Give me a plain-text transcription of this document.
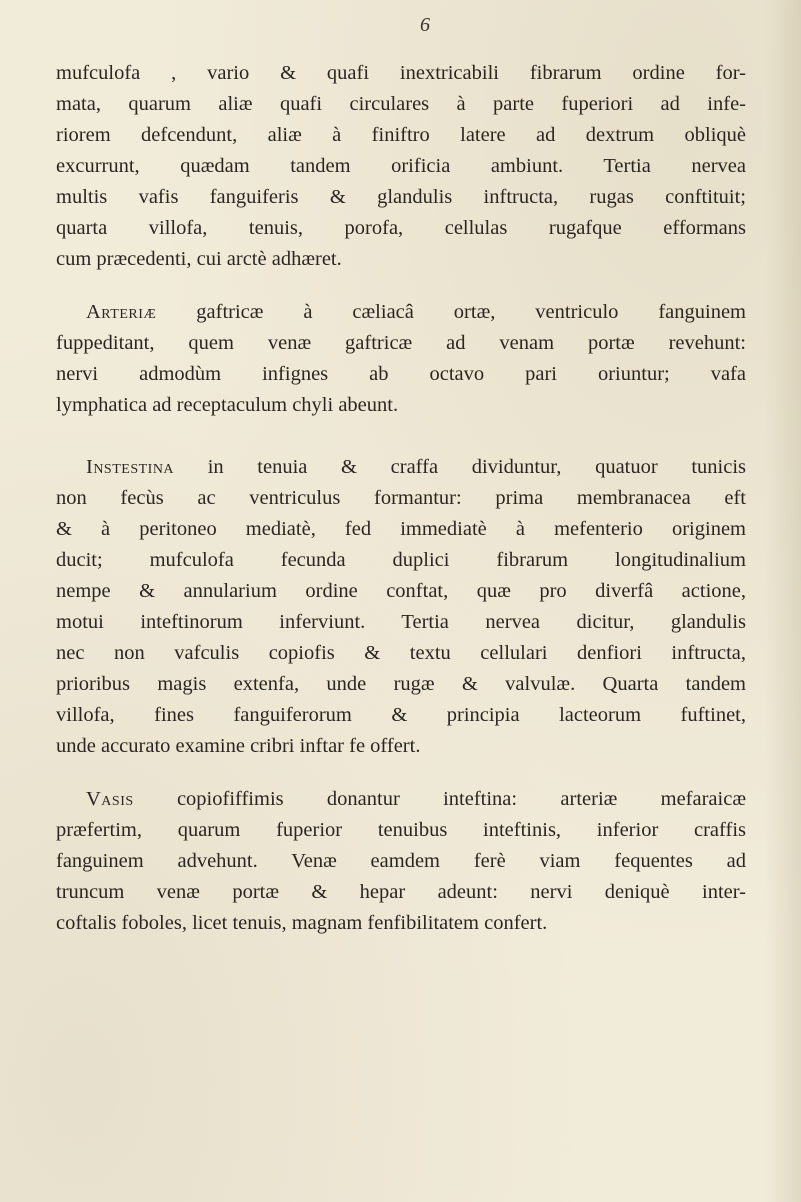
6
mufculofa , vario & quafi inextricabili fibrarum ordine for-
mata, quarum aliæ quafi circulares à parte fuperiori ad infe-
riorem defcendunt, aliæ à finiftro latere ad dextrum obliquè
excurrunt, quædam tandem orificia ambiunt. Tertia nervea
multis vafis fanguiferis & glandulis inftructa, rugas conftituit;
quarta villofa, tenuis, porofa, cellulas rugafque efformans
cum præcedenti, cui arctè adhæret.
Arteriæ gaftricæ à cæliacâ ortæ, ventriculo fanguinem
fuppeditant, quem venæ gaftricæ ad venam portæ revehunt:
nervi admodùm infignes ab octavo pari oriuntur; vafa
lymphatica ad receptaculum chyli abeunt.
Instestina in tenuia & craffa dividuntur, quatuor tunicis
non fecùs ac ventriculus formantur: prima membranacea eft
& à peritoneo mediatè, fed immediatè à mefenterio originem
ducit; mufculofa fecunda duplici fibrarum longitudinalium
nempe & annularium ordine conftat, quæ pro diverfâ actione,
motui inteftinorum inferviunt. Tertia nervea dicitur, glandulis
nec non vafculis copiofis & textu cellulari denfiori inftructa,
prioribus magis extenfa, unde rugæ & valvulæ. Quarta tandem
villofa, fines fanguiferorum & principia lacteorum fuftinet,
unde accurato examine cribri inftar fe offert.
Vasis copiofiffimis donantur inteftina: arteriæ mefaraicæ
præfertim, quarum fuperior tenuibus inteftinis, inferior craffis
fanguinem advehunt. Venæ eamdem ferè viam fequentes ad
truncum venæ portæ & hepar adeunt: nervi deniquè inter-
coftalis foboles, licet tenuis, magnam fenfibilitatem confert.
